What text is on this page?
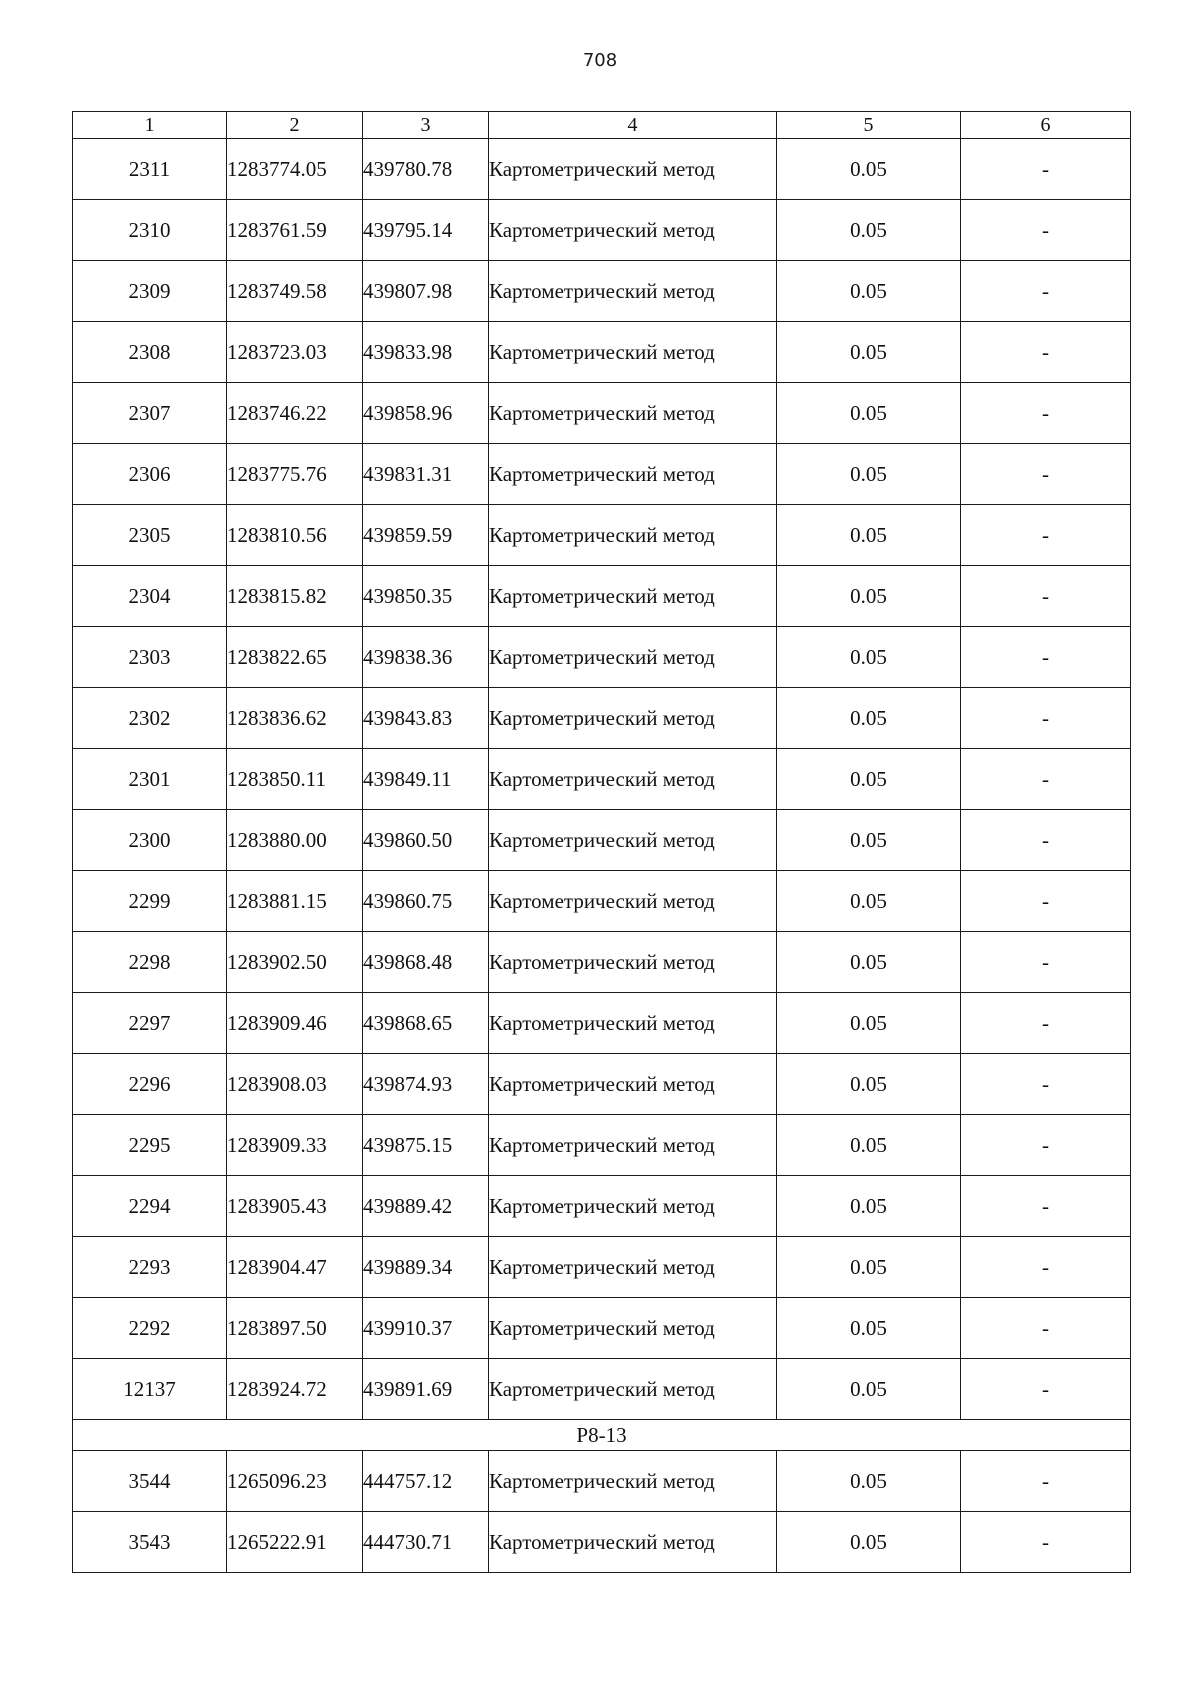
708
1	2	3	4	5	6
2311	1283774.05	439780.78	Картометрический метод	0.05	-
2310	1283761.59	439795.14	Картометрический метод	0.05	-
2309	1283749.58	439807.98	Картометрический метод	0.05	-
2308	1283723.03	439833.98	Картометрический метод	0.05	-
2307	1283746.22	439858.96	Картометрический метод	0.05	-
2306	1283775.76	439831.31	Картометрический метод	0.05	-
2305	1283810.56	439859.59	Картометрический метод	0.05	-
2304	1283815.82	439850.35	Картометрический метод	0.05	-
2303	1283822.65	439838.36	Картометрический метод	0.05	-
2302	1283836.62	439843.83	Картометрический метод	0.05	-
2301	1283850.11	439849.11	Картометрический метод	0.05	-
2300	1283880.00	439860.50	Картометрический метод	0.05	-
2299	1283881.15	439860.75	Картометрический метод	0.05	-
2298	1283902.50	439868.48	Картометрический метод	0.05	-
2297	1283909.46	439868.65	Картометрический метод	0.05	-
2296	1283908.03	439874.93	Картометрический метод	0.05	-
2295	1283909.33	439875.15	Картометрический метод	0.05	-
2294	1283905.43	439889.42	Картометрический метод	0.05	-
2293	1283904.47	439889.34	Картометрический метод	0.05	-
2292	1283897.50	439910.37	Картометрический метод	0.05	-
12137	1283924.72	439891.69	Картометрический метод	0.05	-
Р8-13					
3544	1265096.23	444757.12	Картометрический метод	0.05	-
3543	1265222.91	444730.71	Картометрический метод	0.05	-
